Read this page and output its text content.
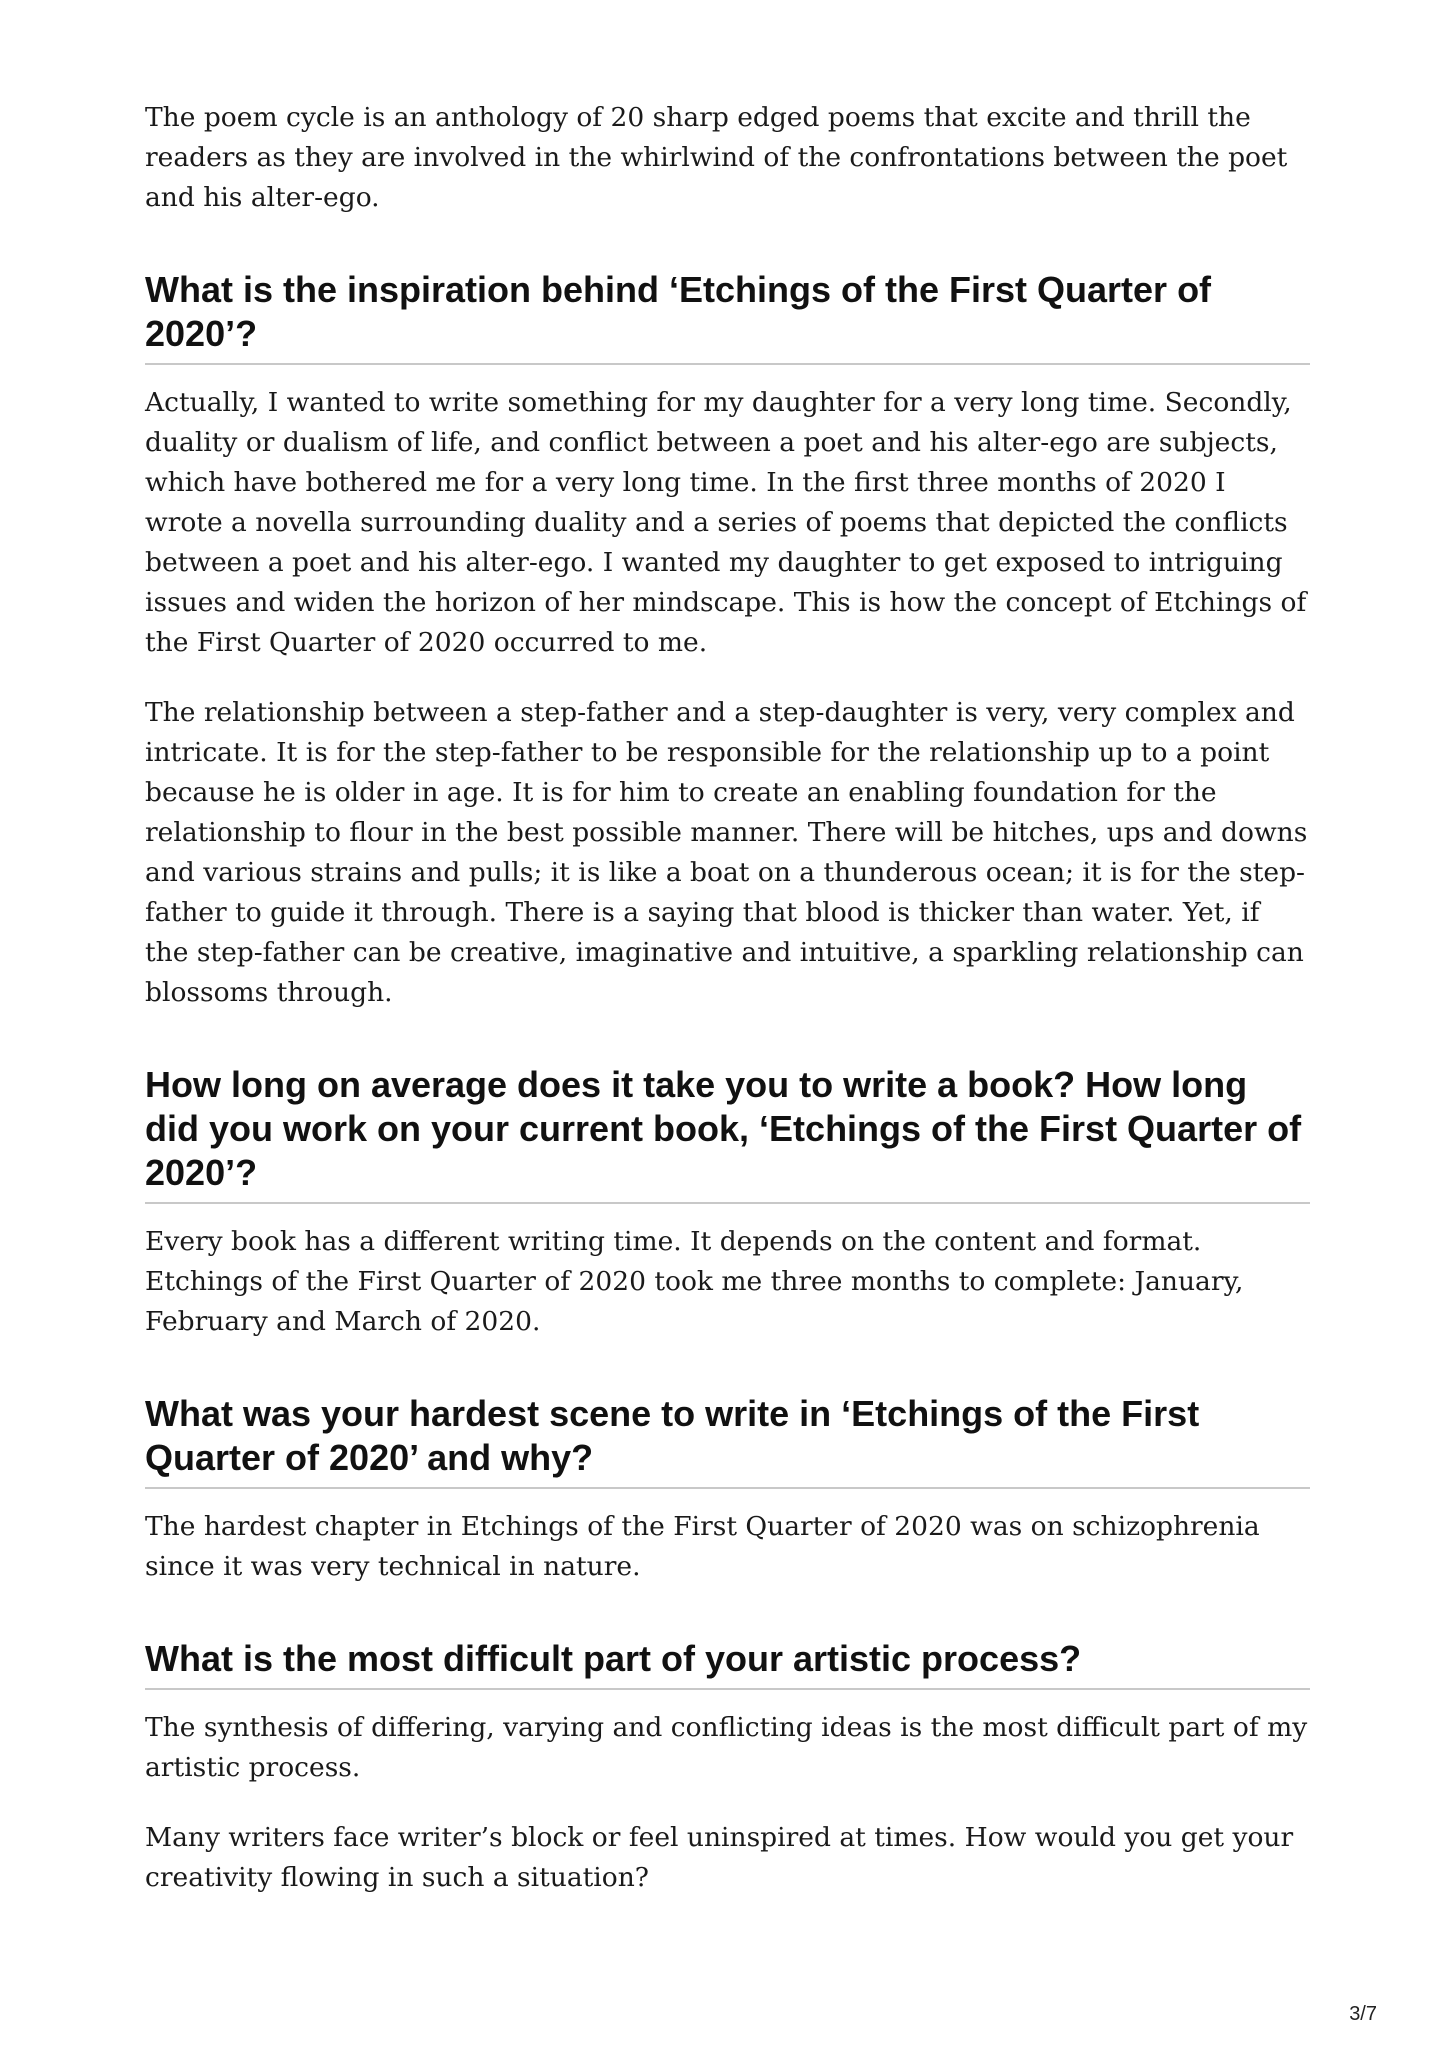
The poem cycle is an anthology of 20 sharp edged poems that excite and thrill the readers as they are involved in the whirlwind of the confrontations between the poet and his alter-ego.

What is the inspiration behind ‘Etchings of the First Quarter of 2020’?

Actually, I wanted to write something for my daughter for a very long time. Secondly, duality or dualism of life, and conflict between a poet and his alter-ego are subjects, which have bothered me for a very long time. In the first three months of 2020 I wrote a novella surrounding duality and a series of poems that depicted the conflicts between a poet and his alter-ego. I wanted my daughter to get exposed to intriguing issues and widen the horizon of her mindscape. This is how the concept of Etchings of the First Quarter of 2020 occurred to me.

The relationship between a step-father and a step-daughter is very, very complex and intricate. It is for the step-father to be responsible for the relationship up to a point because he is older in age. It is for him to create an enabling foundation for the relationship to flour in the best possible manner. There will be hitches, ups and downs and various strains and pulls; it is like a boat on a thunderous ocean; it is for the step-father to guide it through. There is a saying that blood is thicker than water. Yet, if the step-father can be creative, imaginative and intuitive, a sparkling relationship can blossoms through.

How long on average does it take you to write a book? How long did you work on your current book, ‘Etchings of the First Quarter of 2020’?

Every book has a different writing time. It depends on the content and format. Etchings of the First Quarter of 2020 took me three months to complete: January, February and March of 2020.

What was your hardest scene to write in ‘Etchings of the First Quarter of 2020’ and why?

The hardest chapter in Etchings of the First Quarter of 2020 was on schizophrenia since it was very technical in nature.

What is the most difficult part of your artistic process?

The synthesis of differing, varying and conflicting ideas is the most difficult part of my artistic process.

Many writers face writer’s block or feel uninspired at times. How would you get your creativity flowing in such a situation?

3/7
